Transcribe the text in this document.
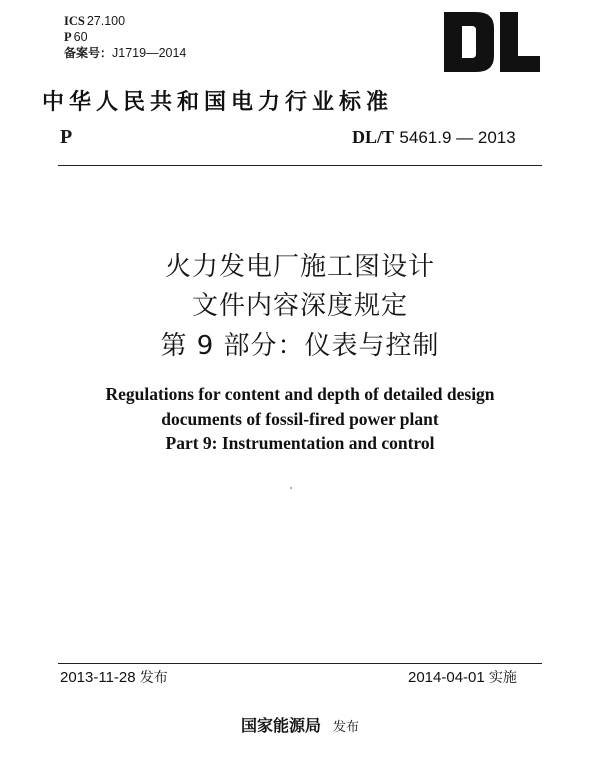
ICS 27.100
P 60
备案号：J1719—2014
中华人民共和国电力行业标准
P	DL/T 5461.9 — 2013
火力发电厂施工图设计
文件内容深度规定
第 9 部分：仪表与控制
Regulations for content and depth of detailed design
documents of fossil-fired power plant
Part 9: Instrumentation and control
2013-11-28 发布	2014-04-01 实施
国家能源局 发布
